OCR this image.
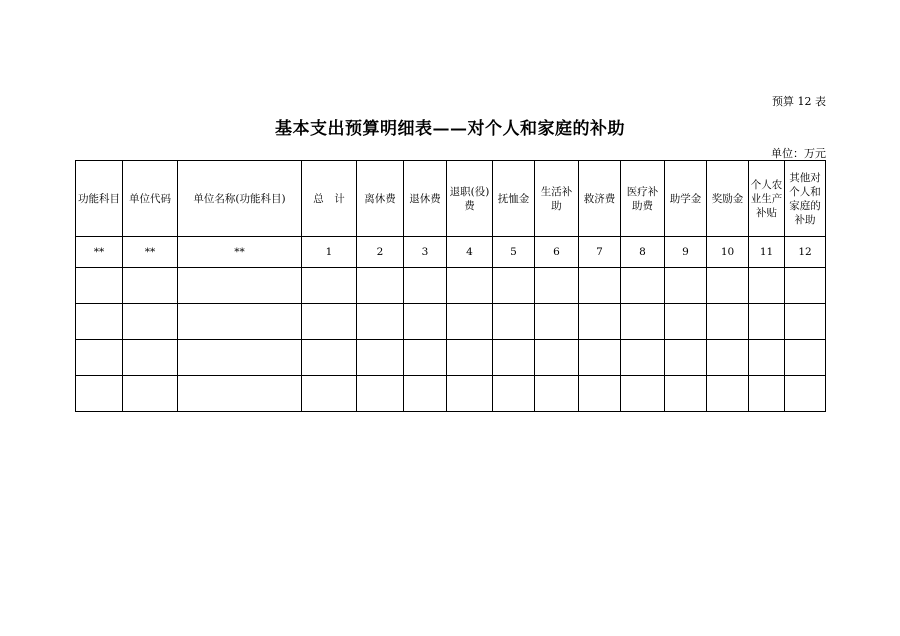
预算 12 表
基本支出预算明细表——对个人和家庭的补助
单位：万元
功能科目	单位代码	单位名称(功能科目)	总　计	离休费	退休费	退职(役)费	抚恤金	生活补助	救济费	医疗补助费	助学金	奖励金	个人农业生产补贴	其他对个人和家庭的补助
**	**	**	1	2	3	4	5	6	7	8	9	10	11	12
